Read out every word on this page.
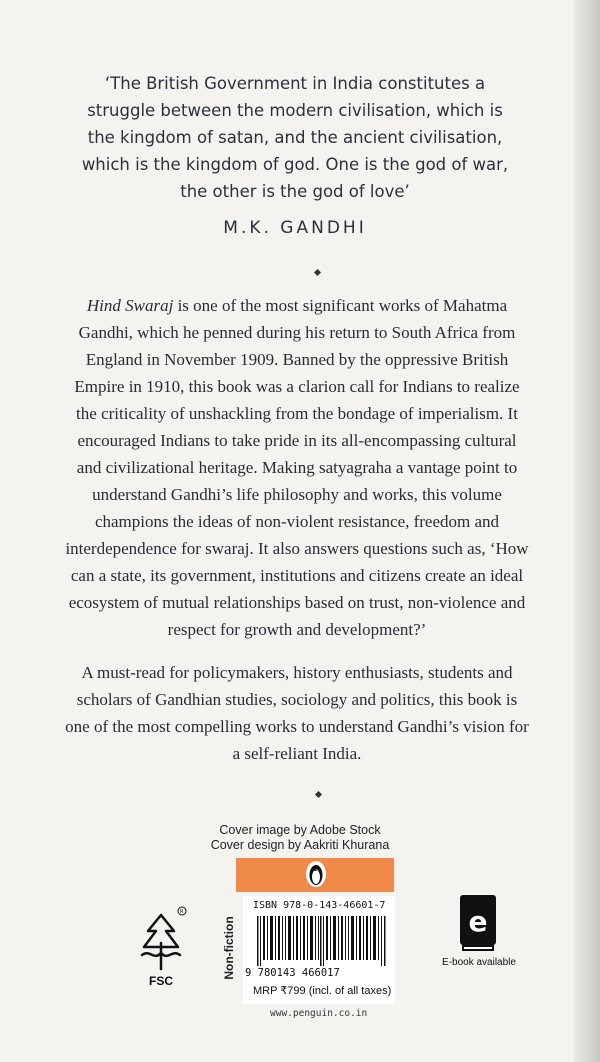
‘The British Government in India constitutes a
struggle between the modern civilisation, which is
the kingdom of satan, and the ancient civilisation,
which is the kingdom of god. One is the god of war,
the other is the god of love’
M.K. GANDHI

Hind Swaraj is one of the most significant works of Mahatma Gandhi, which he penned during his return to South Africa from England in November 1909. Banned by the oppressive British Empire in 1910, this book was a clarion call for Indians to realize the criticality of unshackling from the bondage of imperialism. It encouraged Indians to take pride in its all-encompassing cultural and civilizational heritage. Making satyagraha a vantage point to understand Gandhi’s life philosophy and works, this volume champions the ideas of non-violent resistance, freedom and interdependence for swaraj. It also answers questions such as, ‘How can a state, its government, institutions and citizens create an ideal ecosystem of mutual relationships based on trust, non-violence and respect for growth and development?’

A must-read for policymakers, history enthusiasts, students and scholars of Gandhian studies, sociology and politics, this book is one of the most compelling works to understand Gandhi’s vision for a self-reliant India.

Cover image by Adobe Stock
Cover design by Aakriti Khurana
Non-fiction
ISBN 978-0-143-46601-7
9 780143 466017
MRP ₹799 (incl. of all taxes)
www.penguin.co.in
R
FSC
e
E-book available
